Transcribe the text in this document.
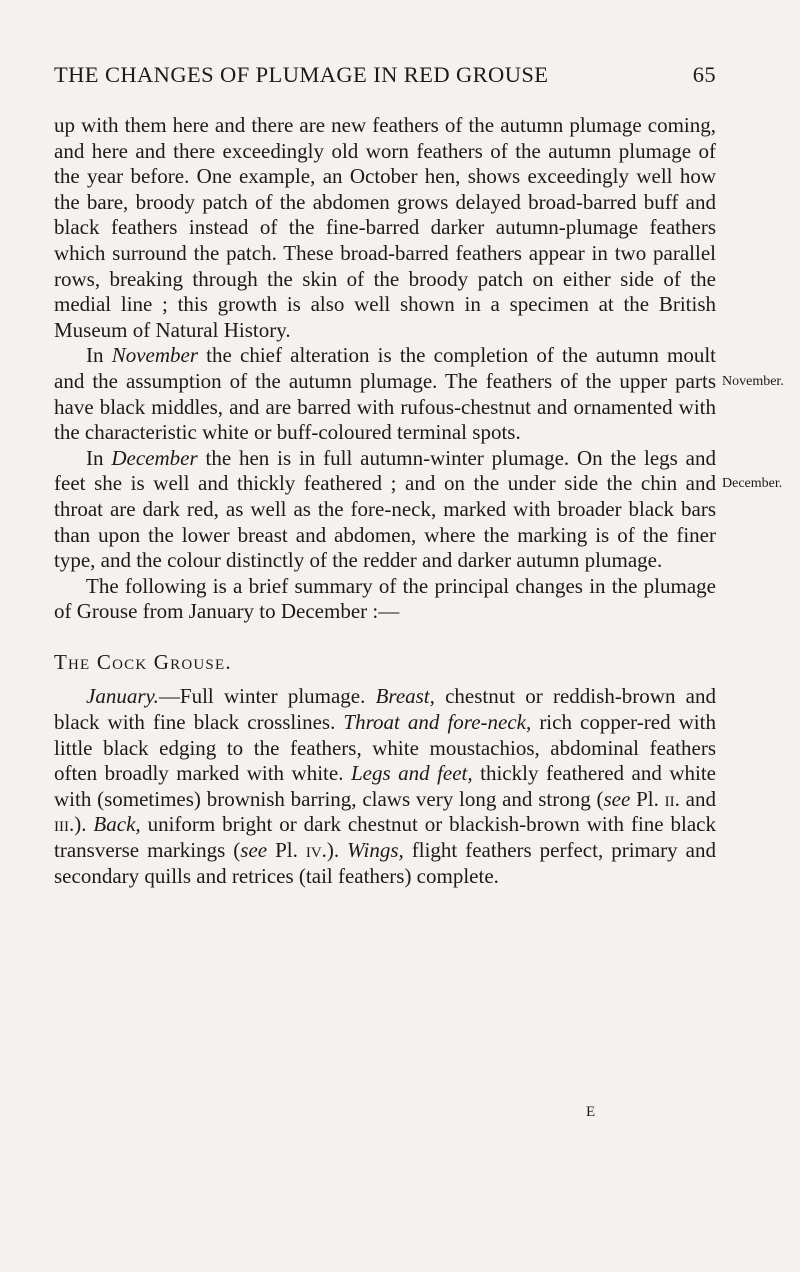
THE CHANGES OF PLUMAGE IN RED GROUSE	65
November.
December.

up with them here and there are new feathers of the autumn plumage coming, and here and there exceedingly old worn feathers of the autumn plumage of the year before. One example, an October hen, shows exceedingly well how the bare, broody patch of the abdomen grows delayed broad-barred buff and black feathers instead of the fine-barred darker autumn-plumage feathers which surround the patch. These broad-barred feathers appear in two parallel rows, breaking through the skin of the broody patch on either side of the medial line ; this growth is also well shown in a specimen at the British Museum of Natural History.

In November the chief alteration is the completion of the autumn moult and the assumption of the autumn plumage. The feathers of the upper parts have black middles, and are barred with rufous-chestnut and ornamented with the characteristic white or buff-coloured terminal spots.

In December the hen is in full autumn-winter plumage. On the legs and feet she is well and thickly feathered ; and on the under side the chin and throat are dark red, as well as the fore-neck, marked with broader black bars than upon the lower breast and abdomen, where the marking is of the finer type, and the colour distinctly of the redder and darker autumn plumage.

The following is a brief summary of the principal changes in the plumage of Grouse from January to December :—

The Cock Grouse.

January.—Full winter plumage. Breast, chestnut or reddish-brown and black with fine black crosslines. Throat and fore-neck, rich copper-red with little black edging to the feathers, white moustachios, abdominal feathers often broadly marked with white. Legs and feet, thickly feathered and white with (sometimes) brownish barring, claws very long and strong (see Pl. ii. and iii.). Back, uniform bright or dark chestnut or blackish-brown with fine black transverse markings (see Pl. iv.). Wings, flight feathers perfect, primary and secondary quills and retrices (tail feathers) complete.

E
